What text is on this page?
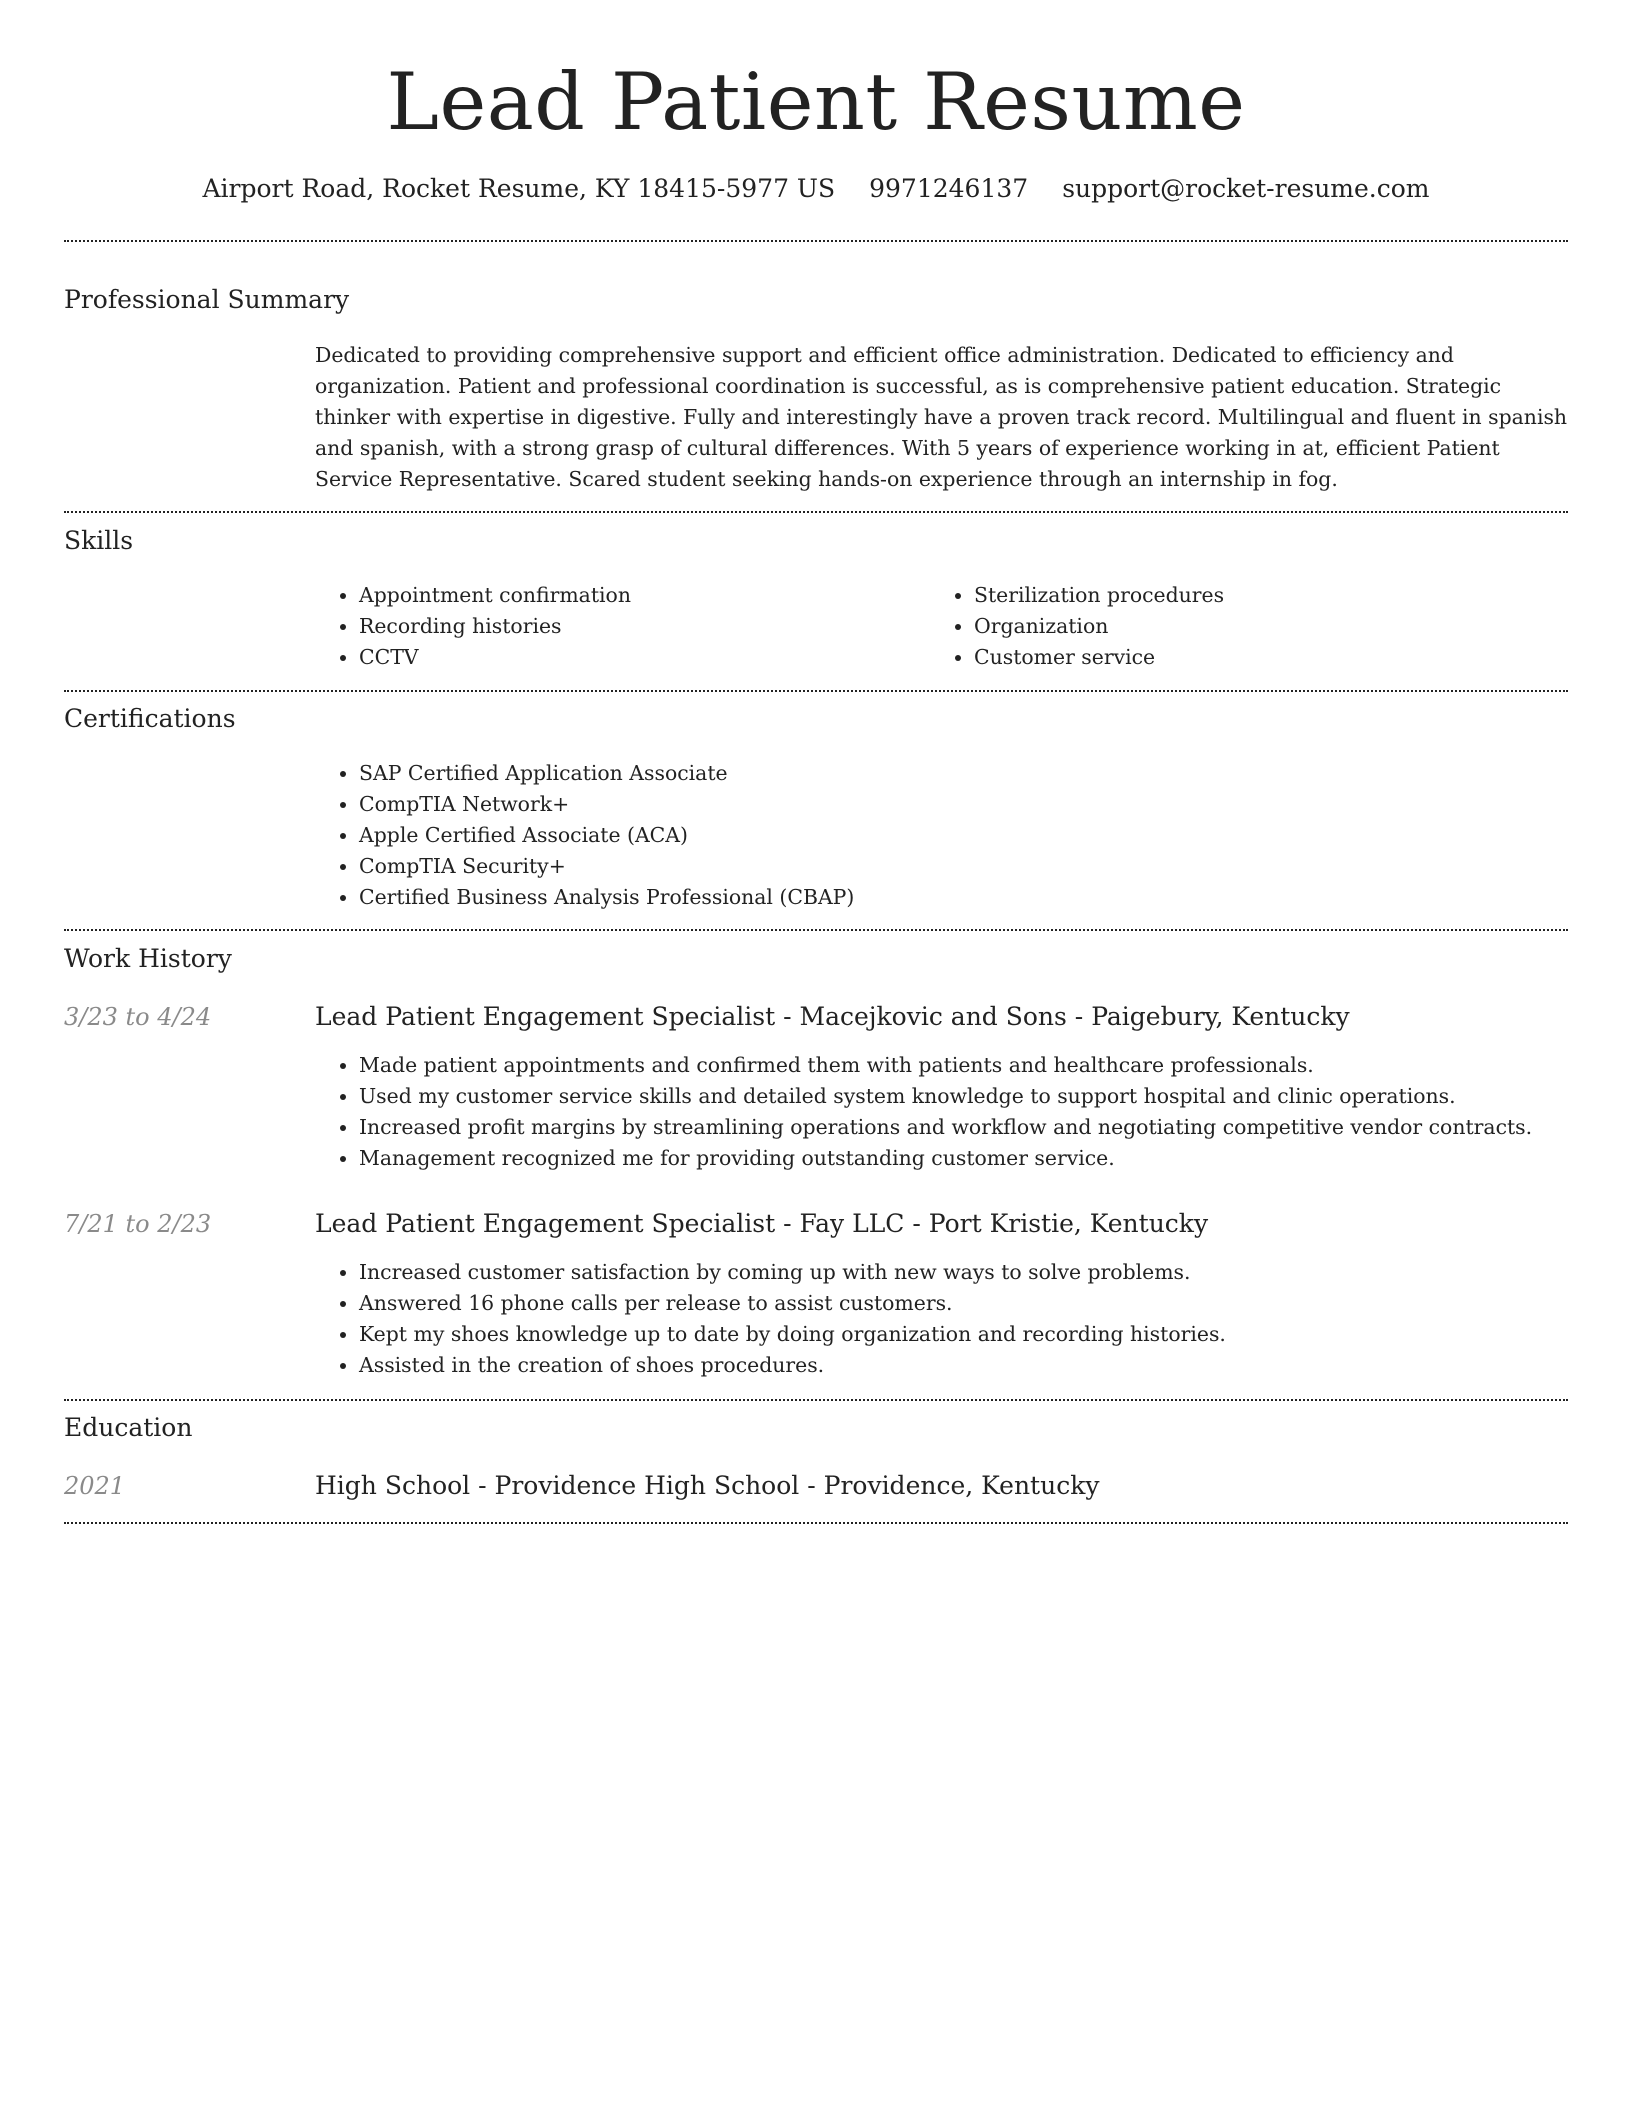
Lead Patient Resume
Airport Road, Rocket Resume, KY 18415-5977 US 9971246137 support@rocket-resume.com
Professional Summary

Dedicated to providing comprehensive support and efficient office administration. Dedicated to efficiency and organization. Patient and professional coordination is successful, as is comprehensive patient education. Strategic thinker with expertise in digestive. Fully and interestingly have a proven track record. Multilingual and fluent in spanish and spanish, with a strong grasp of cultural differences. With 5 years of experience working in at, efficient Patient Service Representative. Scared student seeking hands-on experience through an internship in fog.

Skills
• Appointment confirmation
• Recording histories
• CCTV
• Sterilization procedures
• Organization
• Customer service
Certifications
• SAP Certified Application Associate
• CompTIA Network+
• Apple Certified Associate (ACA)
• CompTIA Security+
• Certified Business Analysis Professional (CBAP)
Work History
3/23 to 4/24	Lead Patient Engagement Specialist - Macejkovic and Sons - Paigebury, Kentucky
• Made patient appointments and confirmed them with patients and healthcare professionals.
• Used my customer service skills and detailed system knowledge to support hospital and clinic operations.
• Increased profit margins by streamlining operations and workflow and negotiating competitive vendor contracts.
• Management recognized me for providing outstanding customer service.
7/21 to 2/23	Lead Patient Engagement Specialist - Fay LLC - Port Kristie, Kentucky
• Increased customer satisfaction by coming up with new ways to solve problems.
• Answered 16 phone calls per release to assist customers.
• Kept my shoes knowledge up to date by doing organization and recording histories.
• Assisted in the creation of shoes procedures.
Education
2021	High School - Providence High School - Providence, Kentucky
